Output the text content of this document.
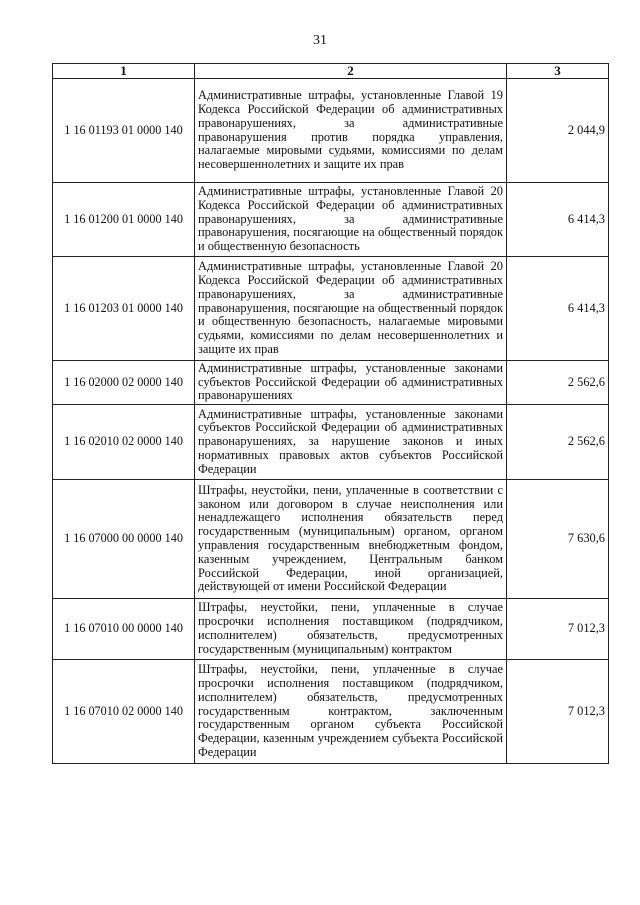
31
1	2	3
1 16 01193 01 0000 140	Административные штрафы, установленные Главой 19 Кодекса Российской Федерации об административных правонарушениях, за административные правонарушения против порядка управления, налагаемые мировыми судьями, комиссиями по делам несовершеннолетних и защите их прав	2 044,9
1 16 01200 01 0000 140	Административные штрафы, установленные Главой 20 Кодекса Российской Федерации об административных правонарушениях, за административные правонарушения, посягающие на общественный порядок и общественную безопасность	6 414,3
1 16 01203 01 0000 140	Административные штрафы, установленные Главой 20 Кодекса Российской Федерации об административных правонарушениях, за административные правонарушения, посягающие на общественный порядок и общественную безопасность, налагаемые мировыми судьями, комиссиями по делам несовершеннолетних и защите их прав	6 414,3
1 16 02000 02 0000 140	Административные штрафы, установленные законами субъектов Российской Федерации об административных правонарушениях	2 562,6
1 16 02010 02 0000 140	Административные штрафы, установленные законами субъектов Российской Федерации об административных правонарушениях, за нарушение законов и иных нормативных правовых актов субъектов Российской Федерации	2 562,6
1 16 07000 00 0000 140	Штрафы, неустойки, пени, уплаченные в соответствии с законом или договором в случае неисполнения или ненадлежащего исполнения обязательств перед государственным (муниципальным) органом, органом управления государственным внебюджетным фондом, казенным учреждением, Центральным банком Российской Федерации, иной организацией, действующей от имени Российской Федерации	7 630,6
1 16 07010 00 0000 140	Штрафы, неустойки, пени, уплаченные в случае просрочки исполнения поставщиком (подрядчиком, исполнителем) обязательств, предусмотренных государственным (муниципальным) контрактом	7 012,3
1 16 07010 02 0000 140	Штрафы, неустойки, пени, уплаченные в случае просрочки исполнения поставщиком (подрядчиком, исполнителем) обязательств, предусмотренных государственным контрактом, заключенным государственным органом субъекта Российской Федерации, казенным учреждением субъекта Российской Федерации	7 012,3
